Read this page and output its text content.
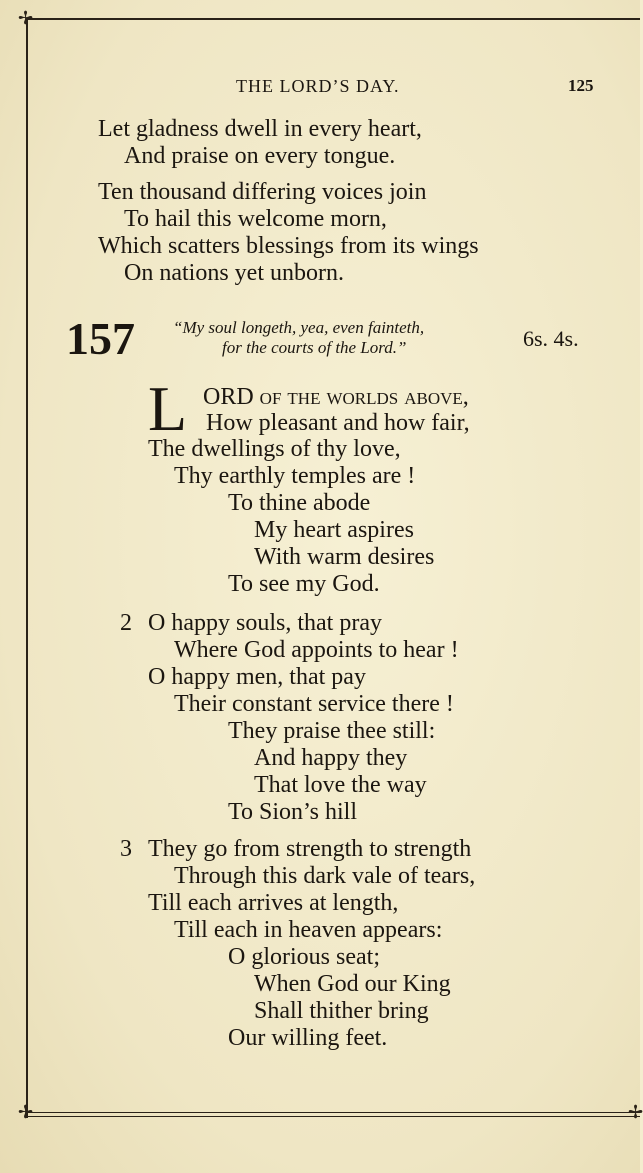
✢
✢	✢
THE LORD’S DAY.	125
Let gladness dwell in every heart,
And praise on every tongue.
Ten thousand differing voices join
To hail this welcome morn,
Which scatters blessings from its wings
On nations yet unborn.
157 “My soul longeth, yea, even fainteth,
for the courts of the Lord.”	6s. 4s.
L ORD of the worlds above,
How pleasant and how fair,
The dwellings of thy love,
Thy earthly temples are !
To thine abode
My heart aspires
With warm desires
To see my God.
2 O happy souls, that pray
Where God appoints to hear !
O happy men, that pay
Their constant service there !
They praise thee still:
And happy they
That love the way
To Sion’s hill
3 They go from strength to strength
Through this dark vale of tears,
Till each arrives at length,
Till each in heaven appears:
O glorious seat;
When God our King
Shall thither bring
Our willing feet.
